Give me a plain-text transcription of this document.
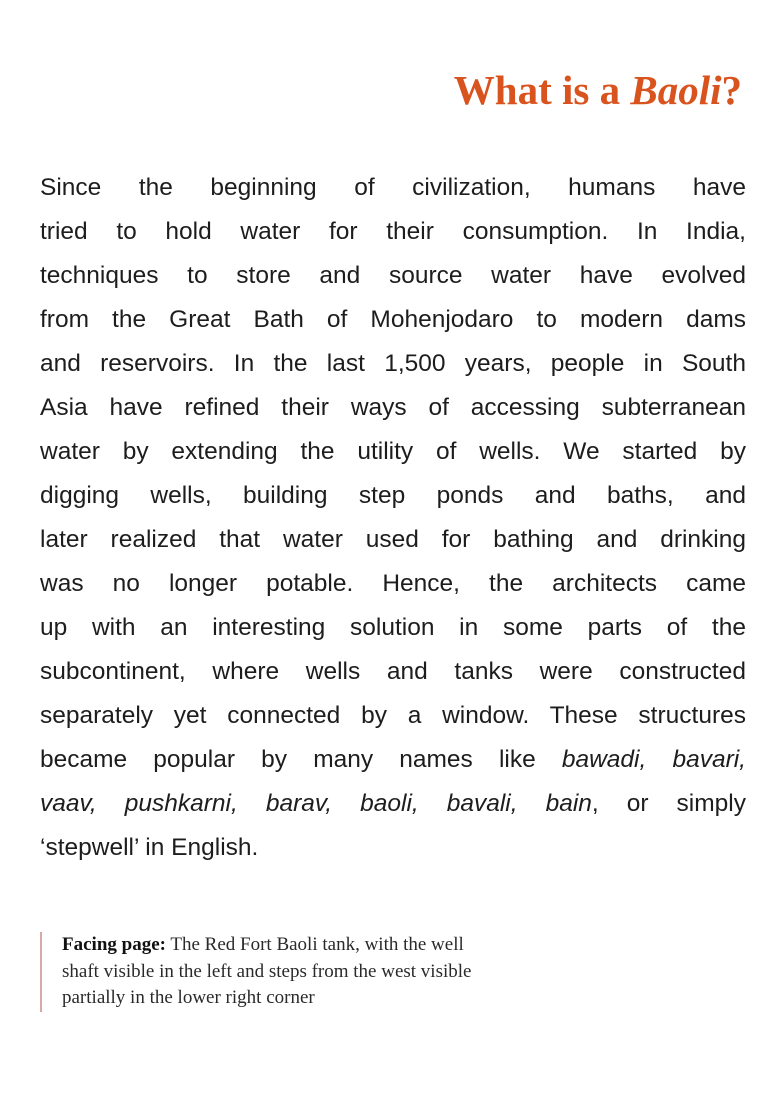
What is a Baoli?
Since the beginning of civilization, humans have
tried to hold water for their consumption. In India,
techniques to store and source water have evolved
from the Great Bath of Mohenjodaro to modern dams
and reservoirs. In the last 1,500 years, people in South
Asia have refined their ways of accessing subterranean
water by extending the utility of wells. We started by
digging wells, building step ponds and baths, and
later realized that water used for bathing and drinking
was no longer potable. Hence, the architects came
up with an interesting solution in some parts of the
subcontinent, where wells and tanks were constructed
separately yet connected by a window. These structures
became popular by many names like bawadi, bavari,
vaav, pushkarni, barav, baoli, bavali, bain, or simply
‘stepwell’ in English.
Facing page: The Red Fort Baoli tank, with the well shaft visible in the left and steps from the west visible partially in the lower right corner
